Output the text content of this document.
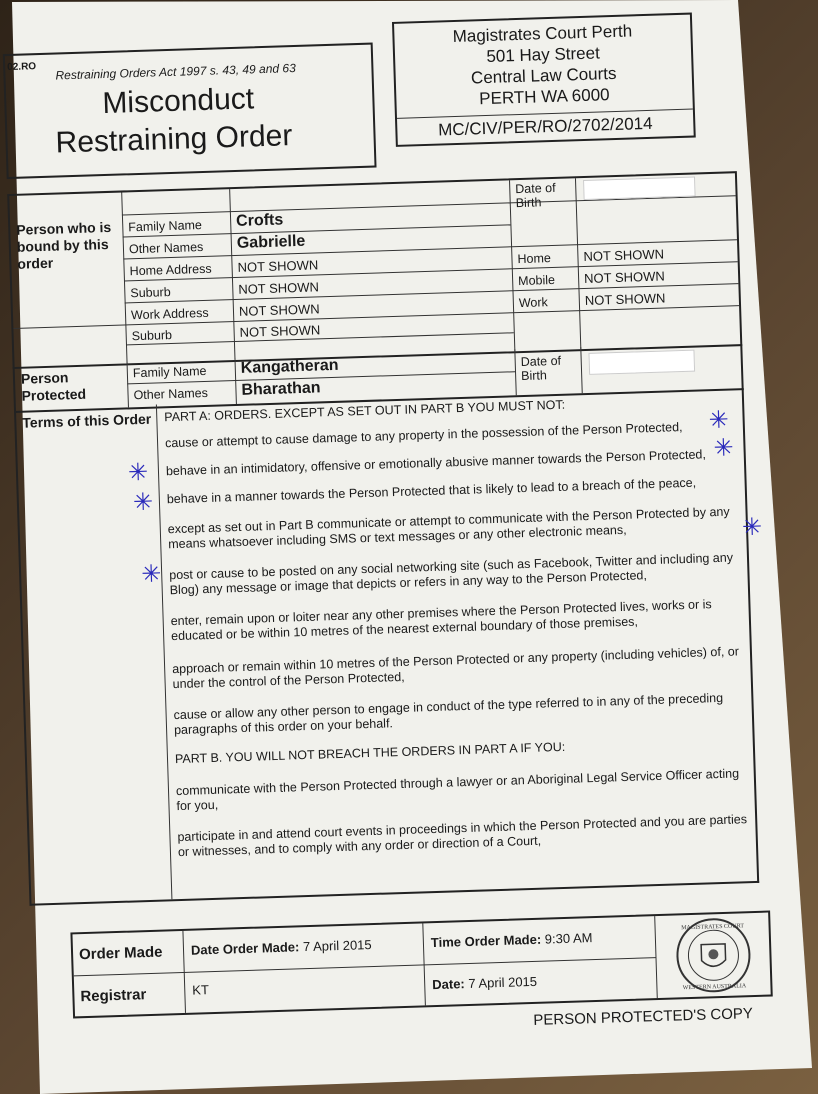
02.RO Restraining Orders Act 1997 s. 43, 49 and 63
Misconduct
Restraining Order
Magistrates Court Perth
501 Hay Street
Central Law Courts
PERTH WA 6000
MC/CIV/PER/RO/2702/2014
Person who is bound by this order
Family Name Crofts
Other Names Gabrielle
Home Address NOT SHOWN
Suburb	NOT SHOWN
Work Address NOT SHOWN
Suburb	NOT SHOWN
Date of Birth
Home NOT SHOWN
Mobile NOT SHOWN
Work	NOT SHOWN
Person Protected
Family Name Kangatheran
Other Names Bharathan
Date of Birth
Terms of this Order PART A: ORDERS. EXCEPT AS SET OUT IN PART B YOU MUST NOT:

cause or attempt to cause damage to any property in the possession of the Person Protected,

behave in an intimidatory, offensive or emotionally abusive manner towards the Person Protected,

behave in a manner towards the Person Protected that is likely to lead to a breach of the peace,

except as set out in Part B communicate or attempt to communicate with the Person Protected by any means whatsoever including SMS or text messages or any other electronic means,

post or cause to be posted on any social networking site (such as Facebook, Twitter and including any Blog) any message or image that depicts or refers in any way to the Person Protected,

enter, remain upon or loiter near any other premises where the Person Protected lives, works or is educated or be within 10 metres of the nearest external boundary of those premises,

approach or remain within 10 metres of the Person Protected or any property (including vehicles) of, or under the control of the Person Protected,

cause or allow any other person to engage in conduct of the type referred to in any of the preceding paragraphs of this order on your behalf.

PART B. YOU WILL NOT BREACH THE ORDERS IN PART A IF YOU:

communicate with the Person Protected through a lawyer or an Aboriginal Legal Service Officer acting for you,

participate in and attend court events in proceedings in which the Person Protected and you are parties or witnesses, and to comply with any order or direction of a Court,

✳
✳
✳
✳
✳
✳
Order Made Date Order Made: 7 April 2015	Time Order Made: 9:30 AM
Registrar	KT	Date: 7 April 2015
MAGISTRATES COURT
WESTERN AUSTRALIA
PERSON PROTECTED'S COPY
